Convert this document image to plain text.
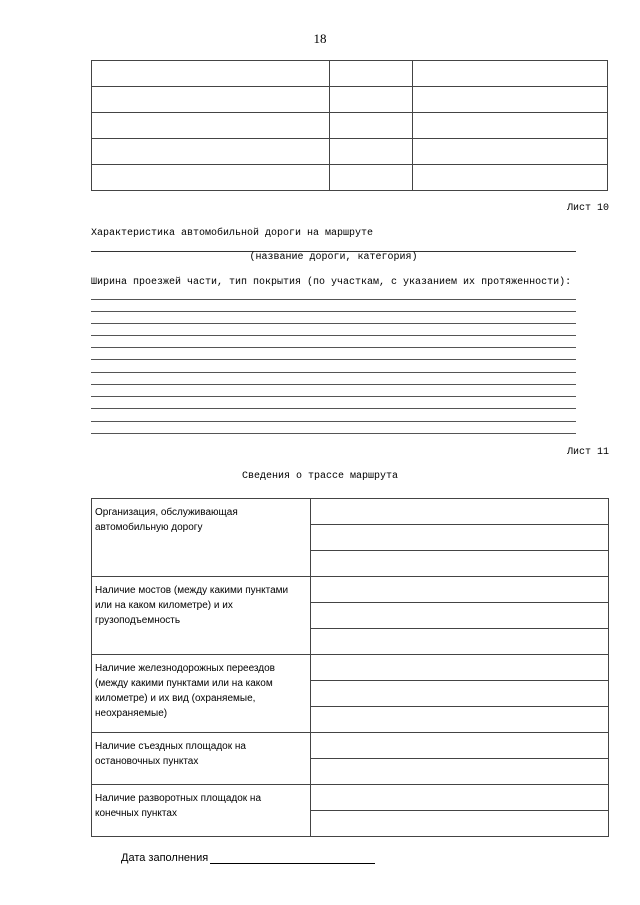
18

Лист 10
Характеристика автомобильной дороги на маршруте
(название дороги, категория)
Ширина проезжей части, тип покрытия (по участкам, с указанием их протяженности):
Лист 11
Сведения о трассе маршрута
Организация, обслуживающая автомобильную дорогу	

Наличие мостов (между какими пунктами или на каком километре) и их грузоподъемность	

Наличие железнодорожных переездов (между какими пунктами или на каком километре) и их вид (охраняемые, неохраняемые)	

Наличие съездных площадок на остановочных пунктах	

Наличие разворотных площадок на конечных пунктах	

Дата заполнения
